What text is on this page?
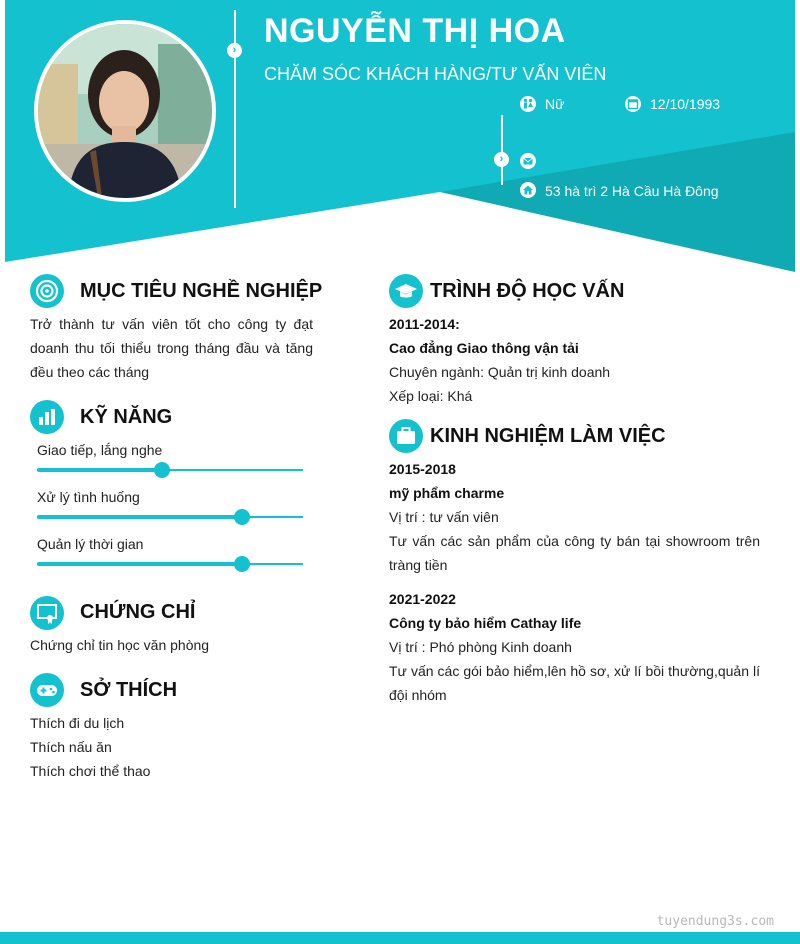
› NGUYỄN THỊ HOA
CHĂM SÓC KHÁCH HÀNG/TƯ VẤN VIÊN
›
Nữ	12/10/1993
53 hà trì 2 Hà Cầu Hà Đông
MỤC TIÊU NGHỀ NGHIỆP
Trở thành tư vấn viên tốt cho công ty đạt doanh thu tối thiểu trong tháng đầu và tăng đều theo các tháng
KỸ NĂNG
Giao tiếp, lắng nghe
Xử lý tình huống
Quản lý thời gian
CHỨNG CHỈ
Chứng chỉ tin học văn phòng
SỞ THÍCH
Thích đi du lịch
Thích nấu ăn
Thích chơi thể thao
TRÌNH ĐỘ HỌC VẤN
2011-2014:
Cao đẳng Giao thông vận tải
Chuyên ngành: Quản trị kinh doanh
Xếp loại: Khá
KINH NGHIỆM LÀM VIỆC
2015-2018
mỹ phẩm charme
Vị trí : tư vấn viên
Tư vấn các sản phẩm của công ty bán tại showroom trên tràng tiền
2021-2022
Công ty bảo hiểm Cathay life
Vị trí : Phó phòng Kinh doanh
Tư vấn các gói bảo hiểm,lên hồ sơ, xử lí bồi thường,quản lí đội nhóm
tuyendung3s.com
